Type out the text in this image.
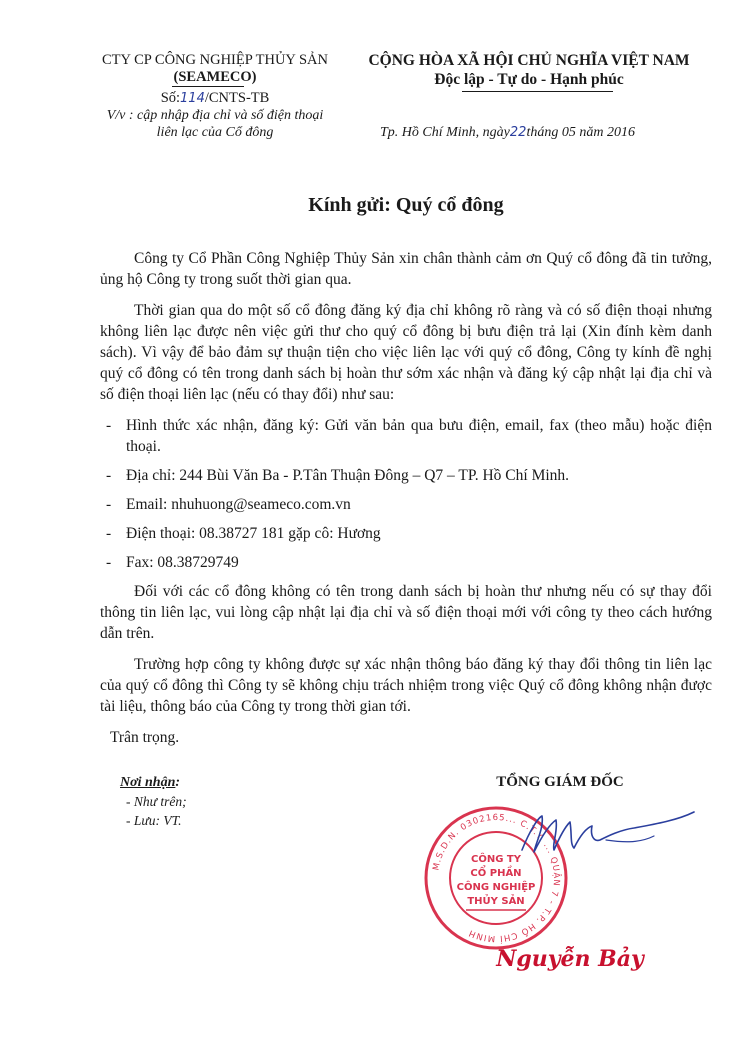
CTY CP CÔNG NGHIỆP THỦY SẢN
(SEAMECO)
Số:114/CNTS-TB
V/v : cập nhập địa chỉ và số điện thoại
liên lạc của Cổ đông
CỘNG HÒA XÃ HỘI CHỦ NGHĨA VIỆT NAM
Độc lập - Tự do - Hạnh phúc
Tp. Hồ Chí Minh, ngày22tháng 05 năm 2016
Kính gửi: Quý cổ đông

Công ty Cổ Phần Công Nghiệp Thủy Sản xin chân thành cảm ơn Quý cổ đông đã tin tưởng, ủng hộ Công ty trong suốt thời gian qua.

Thời gian qua do một số cổ đông đăng ký địa chỉ không rõ ràng và có số điện thoại nhưng không liên lạc được nên việc gửi thư cho quý cổ đông bị bưu điện trả lại (Xin đính kèm danh sách). Vì vậy để bảo đảm sự thuận tiện cho việc liên lạc với quý cổ đông, Công ty kính đề nghị quý cổ đông có tên trong danh sách bị hoàn thư sớm xác nhận và đăng ký cập nhật lại địa chỉ và số điện thoại liên lạc (nếu có thay đổi) như sau:

- Hình thức xác nhận, đăng ký: Gửi văn bản qua bưu điện, email, fax (theo mẫu) hoặc điện thoại.
- Địa chỉ: 244 Bùi Văn Ba - P.Tân Thuận Đông – Q7 – TP. Hồ Chí Minh.
- Email: nhuhuong@seameco.com.vn
- Điện thoại: 08.38727 181 gặp cô: Hương
- Fax: 08.38729749

Đối với các cổ đông không có tên trong danh sách bị hoàn thư nhưng nếu có sự thay đổi thông tin liên lạc, vui lòng cập nhật lại địa chỉ và số điện thoại mới với công ty theo cách hướng dẫn trên.

Trường hợp công ty không được sự xác nhận thông báo đăng ký thay đổi thông tin liên lạc của quý cổ đông thì Công ty sẽ không chịu trách nhiệm trong việc Quý cổ đông không nhận được tài liệu, thông báo của Công ty trong thời gian tới.

Trân trọng.

Nơi nhận:
- Như trên;
- Lưu: VT.
TỔNG GIÁM ĐỐC
M.S.D.N. 0302165... C.T.Y. ... QUẬN 7 - T.P. HỒ CHÍ MINH
CÔNG TY
CỔ PHẦN
CÔNG NGHIỆP
THỦY SẢN
Nguyễn Bảy
